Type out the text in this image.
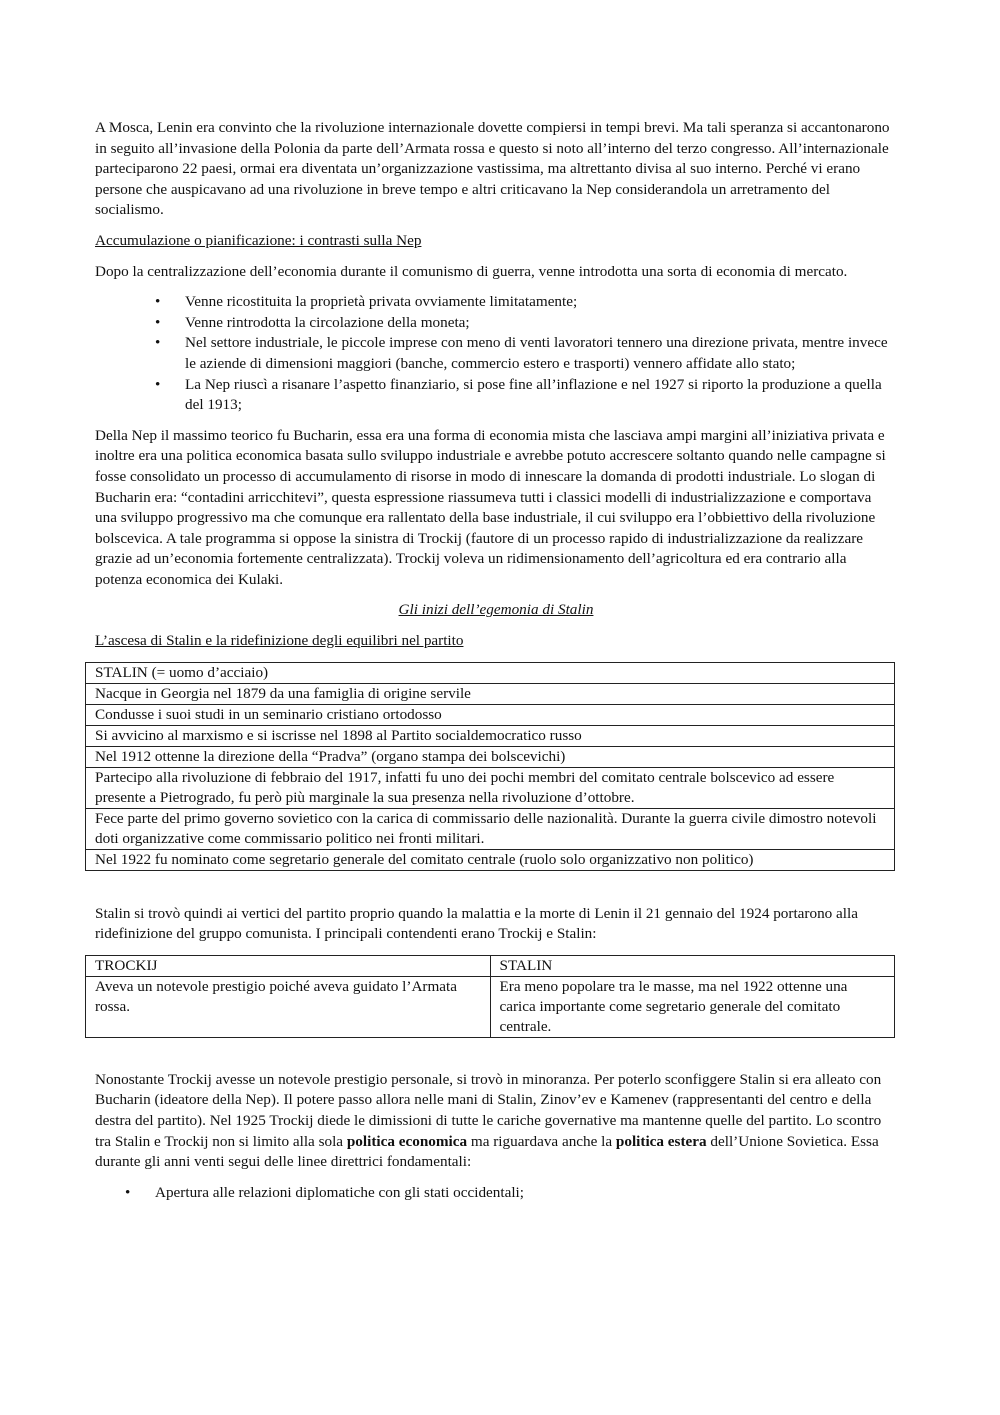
A Mosca, Lenin era convinto che la rivoluzione internazionale dovette compiersi in tempi brevi. Ma tali speranza si accantonarono in seguito all’invasione della Polonia da parte dell’Armata rossa e questo si noto all’interno del terzo congresso. All’internazionale parteciparono 22 paesi, ormai era diventata un’organizzazione vastissima, ma altrettanto divisa al suo interno. Perché vi erano persone che auspicavano ad una rivoluzione in breve tempo e altri criticavano la Nep considerandola un arretramento del socialismo.

Accumulazione o pianificazione: i contrasti sulla Nep

Dopo la centralizzazione dell’economia durante il comunismo di guerra, venne introdotta una sorta di economia di mercato.

• Venne ricostituita la proprietà privata ovviamente limitatamente;
• Venne rintrodotta la circolazione della moneta;
• Nel settore industriale, le piccole imprese con meno di venti lavoratori tennero una direzione privata, mentre invece le aziende di dimensioni maggiori (banche, commercio estero e trasporti) vennero affidate allo stato;
• La Nep riuscì a risanare l’aspetto finanziario, si pose fine all’inflazione e nel 1927 si riporto la produzione a quella del 1913;

Della Nep il massimo teorico fu Bucharin, essa era una forma di economia mista che lasciava ampi margini all’iniziativa privata e inoltre era una politica economica basata sullo sviluppo industriale e avrebbe potuto accrescere soltanto quando nelle campagne si fosse consolidato un processo di accumulamento di risorse in modo di innescare la domanda di prodotti industriale. Lo slogan di Bucharin era: “contadini arricchitevi”, questa espressione riassumeva tutti i classici modelli di industrializzazione e comportava una sviluppo progressivo ma che comunque era rallentato della base industriale, il cui sviluppo era l’obbiettivo della rivoluzione bolscevica. A tale programma si oppose la sinistra di Trockij (fautore di un processo rapido di industrializzazione da realizzare grazie ad un’economia fortemente centralizzata). Trockij voleva un ridimensionamento dell’agricoltura ed era contrario alla potenza economica dei Kulaki.

Gli inizi dell’egemonia di Stalin

L’ascesa di Stalin e la ridefinizione degli equilibri nel partito

STALIN (= uomo d’acciaio)
Nacque in Georgia nel 1879 da una famiglia di origine servile
Condusse i suoi studi in un seminario cristiano ortodosso
Si avvicino al marxismo e si iscrisse nel 1898 al Partito socialdemocratico russo
Nel 1912 ottenne la direzione della “Pradva” (organo stampa dei bolscevichi)
Partecipo alla rivoluzione di febbraio del 1917, infatti fu uno dei pochi membri del comitato centrale bolscevico ad essere presente a Pietrogrado, fu però più marginale la sua presenza nella rivoluzione d’ottobre.
Fece parte del primo governo sovietico con la carica di commissario delle nazionalità. Durante la guerra civile dimostro notevoli doti organizzative come commissario politico nei fronti militari.
Nel 1922 fu nominato come segretario generale del comitato centrale (ruolo solo organizzativo non politico)

Stalin si trovò quindi ai vertici del partito proprio quando la malattia e la morte di Lenin il 21 gennaio del 1924 portarono alla ridefinizione del gruppo comunista. I principali contendenti erano Trockij e Stalin:

TROCKIJ	STALIN
Aveva un notevole prestigio poiché aveva guidato l’Armata rossa.	Era meno popolare tra le masse, ma nel 1922 ottenne una carica importante come segretario generale del comitato centrale.

Nonostante Trockij avesse un notevole prestigio personale, si trovò in minoranza. Per poterlo sconfiggere Stalin si era alleato con Bucharin (ideatore della Nep). Il potere passo allora nelle mani di Stalin, Zinov’ev e Kamenev (rappresentanti del centro e della destra del partito). Nel 1925 Trockij diede le dimissioni di tutte le cariche governative ma mantenne quelle del partito. Lo scontro tra Stalin e Trockij non si limito alla sola politica economica ma riguardava anche la politica estera dell’Unione Sovietica. Essa durante gli anni venti segui delle linee direttrici fondamentali:

• Apertura alle relazioni diplomatiche con gli stati occidentali;
